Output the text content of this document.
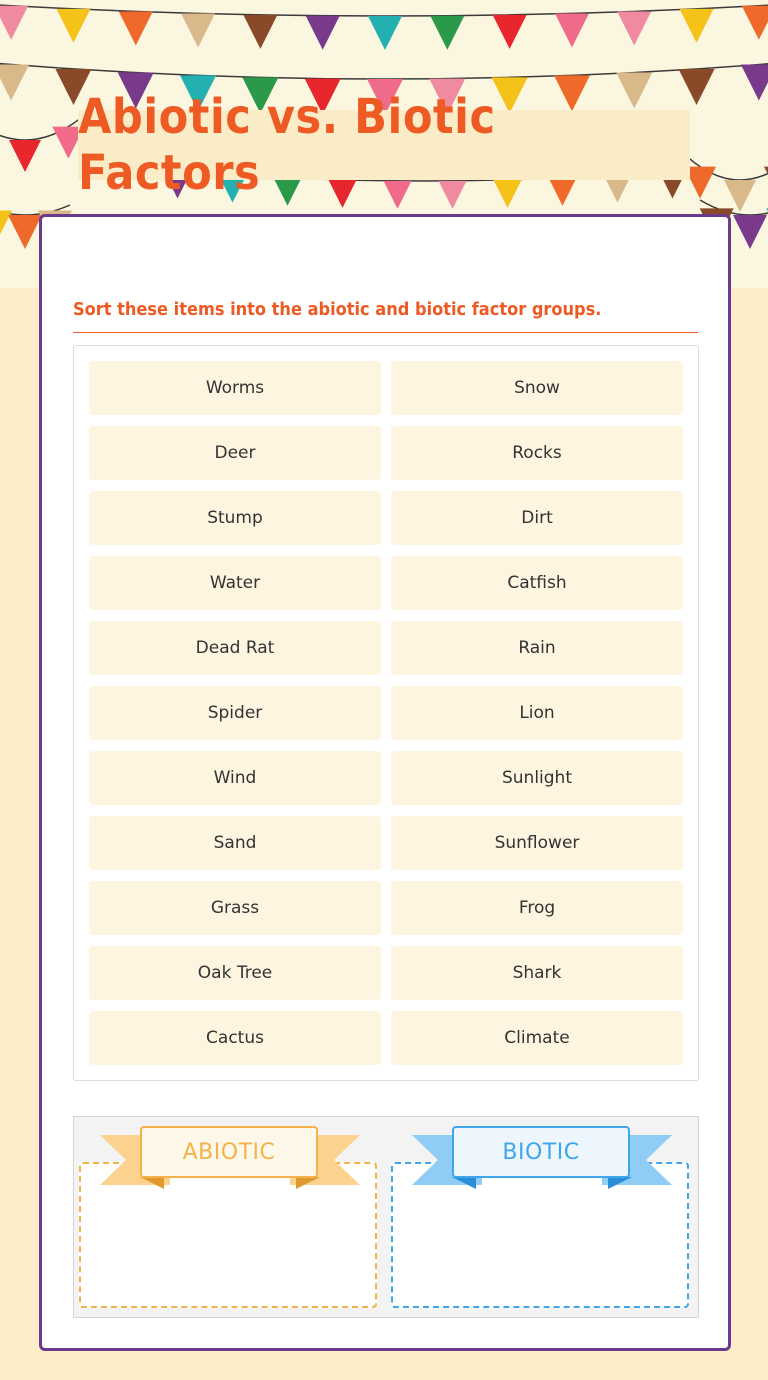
Abiotic vs. Biotic Factors
Sort these items into the abiotic and biotic factor groups.
Worms	Snow
Deer	Rocks
Stump	Dirt
Water	Catfish
Dead Rat	Rain
Spider	Lion
Wind	Sunlight
Sand	Sunflower
Grass	Frog
Oak Tree	Shark
Cactus	Climate
ABIOTIC	BIOTIC
